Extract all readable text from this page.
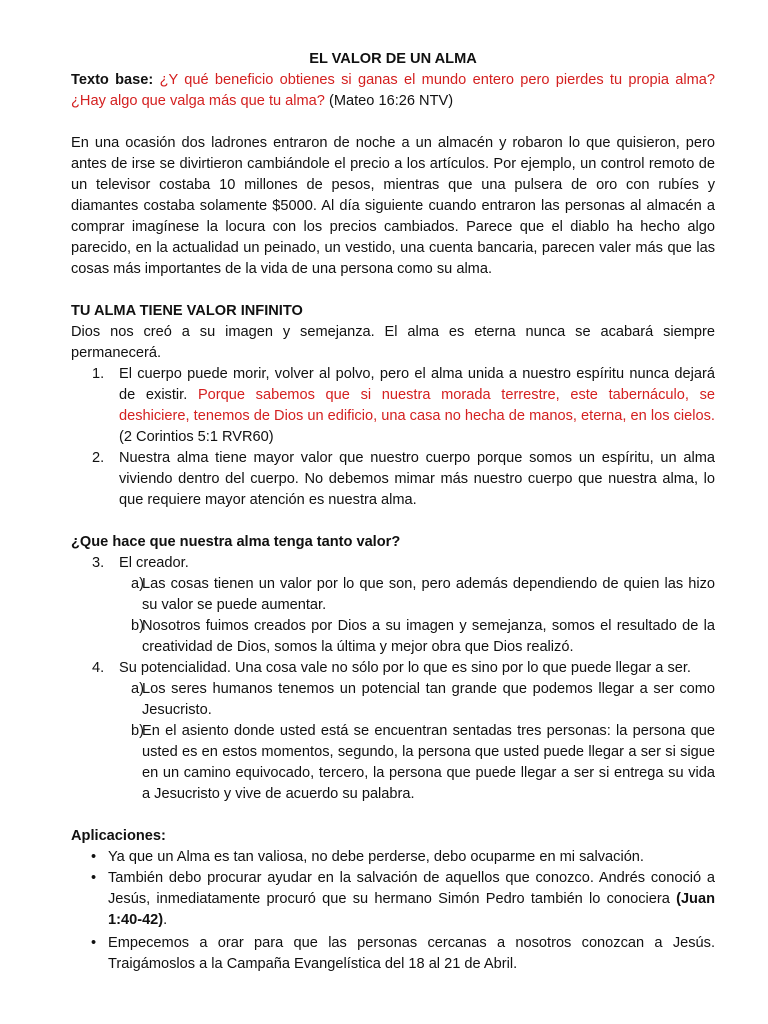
EL VALOR DE UN ALMA

Texto base: ¿Y qué beneficio obtienes si ganas el mundo entero pero pierdes tu propia alma? ¿Hay algo que valga más que tu alma? (Mateo 16:26 NTV)

En una ocasión dos ladrones entraron de noche a un almacén y robaron lo que quisieron, pero antes de irse se divirtieron cambiándole el precio a los artículos. Por ejemplo, un control remoto de un televisor costaba 10 millones de pesos, mientras que una pulsera de oro con rubíes y diamantes costaba solamente $5000. Al día siguiente cuando entraron las personas al almacén a comprar imagínese la locura con los precios cambiados. Parece que el diablo ha hecho algo parecido, en la actualidad un peinado, un vestido, una cuenta bancaria, parecen valer más que las cosas más importantes de la vida de una persona como su alma.

TU ALMA TIENE VALOR INFINITO

Dios nos creó a su imagen y semejanza. El alma es eterna nunca se acabará siempre permanecerá.

1. El cuerpo puede morir, volver al polvo, pero el alma unida a nuestro espíritu nunca dejará de existir. Porque sabemos que si nuestra morada terrestre, este tabernáculo, se deshiciere, tenemos de Dios un edificio, una casa no hecha de manos, eterna, en los cielos. (2 Corintios 5:1 RVR60)

2. Nuestra alma tiene mayor valor que nuestro cuerpo porque somos un espíritu, un alma viviendo dentro del cuerpo. No debemos mimar más nuestro cuerpo que nuestra alma, lo que requiere mayor atención es nuestra alma.

¿Que hace que nuestra alma tenga tanto valor?

3. El creador.

a)

Las cosas tienen un valor por lo que son, pero además dependiendo de quien las hizo su valor se puede aumentar.

b)

Nosotros fuimos creados por Dios a su imagen y semejanza, somos el resultado de la creatividad de Dios, somos la última y mejor obra que Dios realizó.

4. Su potencialidad. Una cosa vale no sólo por lo que es sino por lo que puede llegar a ser.

a)

Los seres humanos tenemos un potencial tan grande que podemos llegar a ser como Jesucristo.

b)

En el asiento donde usted está se encuentran sentadas tres personas: la persona que usted es en estos momentos, segundo, la persona que usted puede llegar a ser si sigue en un camino equivocado, tercero, la persona que puede llegar a ser si entrega su vida a Jesucristo y vive de acuerdo su palabra.

Aplicaciones:

• Ya que un Alma es tan valiosa, no debe perderse, debo ocuparme en mi salvación.

• También debo procurar ayudar en la salvación de aquellos que conozco. Andrés conoció a Jesús, inmediatamente procuró que su hermano Simón Pedro también lo conociera (Juan 1:40-42).

• Empecemos a orar para que las personas cercanas a nosotros conozcan a Jesús. Traigámoslos a la Campaña Evangelística del 18 al 21 de Abril.
